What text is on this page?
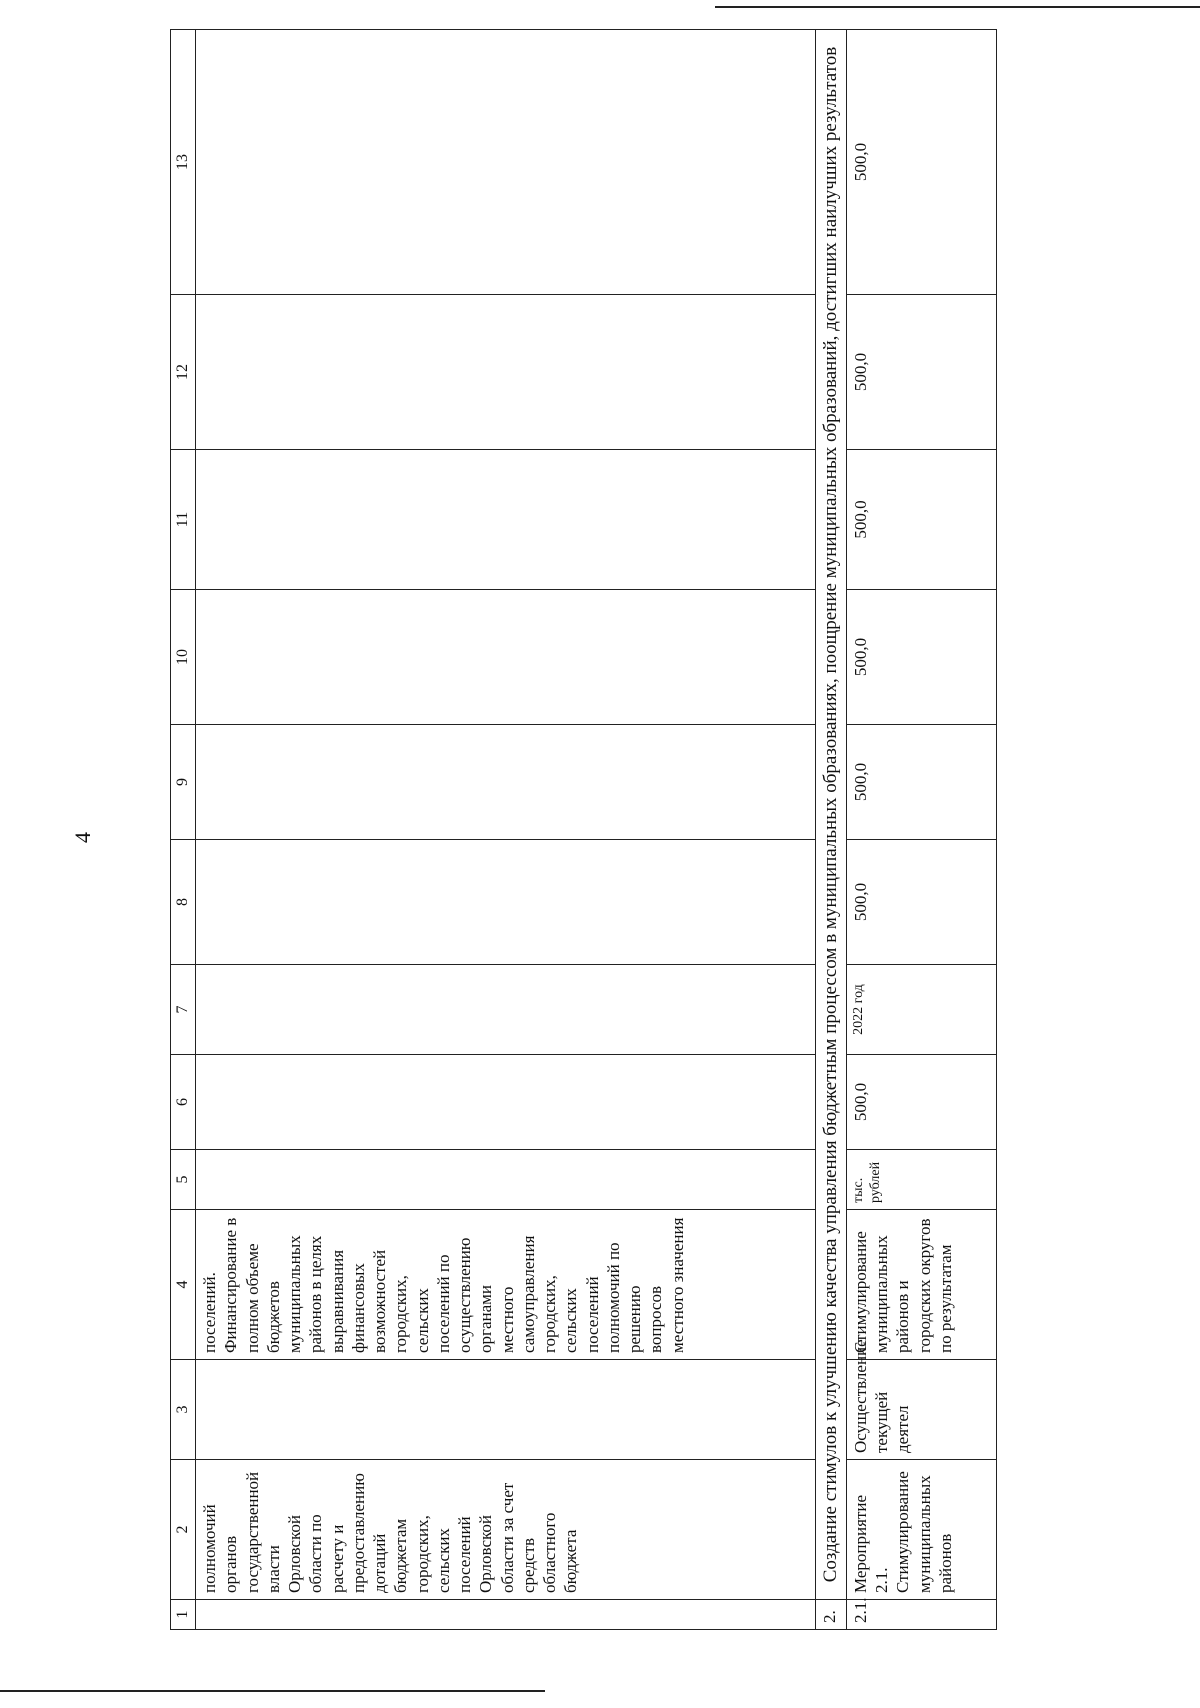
4
1	2	3	4	5	6	7	8	9	10	11	12	13
	полномочий органов государственной власти Орловской области по расчету и предоставлению дотаций бюджетам городских, сельских поселений Орловской области за счет средств областного бюджета		поселений. Финансирование в полном объеме бюджетов муниципальных районов в целях выравнивания финансовых возможностей городских, сельских поселений по осуществлению органами местного самоуправления городских, сельских поселений полномочий по решению вопросов местного значения									
2.	Создание стимулов к улучшению качества управления бюджетным процессом в муниципальных образованиях, поощрение муниципальных образований, достигших наилучших результатов											
2.1.	Мероприятие 2.1. Стимулирование муниципальных районов	Осуществление текущей деятел	Стимулирование муниципальных районов и городских округов по результатам	тыс. рублей	500,0	2022 год	500,0	500,0	500,0	500,0	500,0	500,0
